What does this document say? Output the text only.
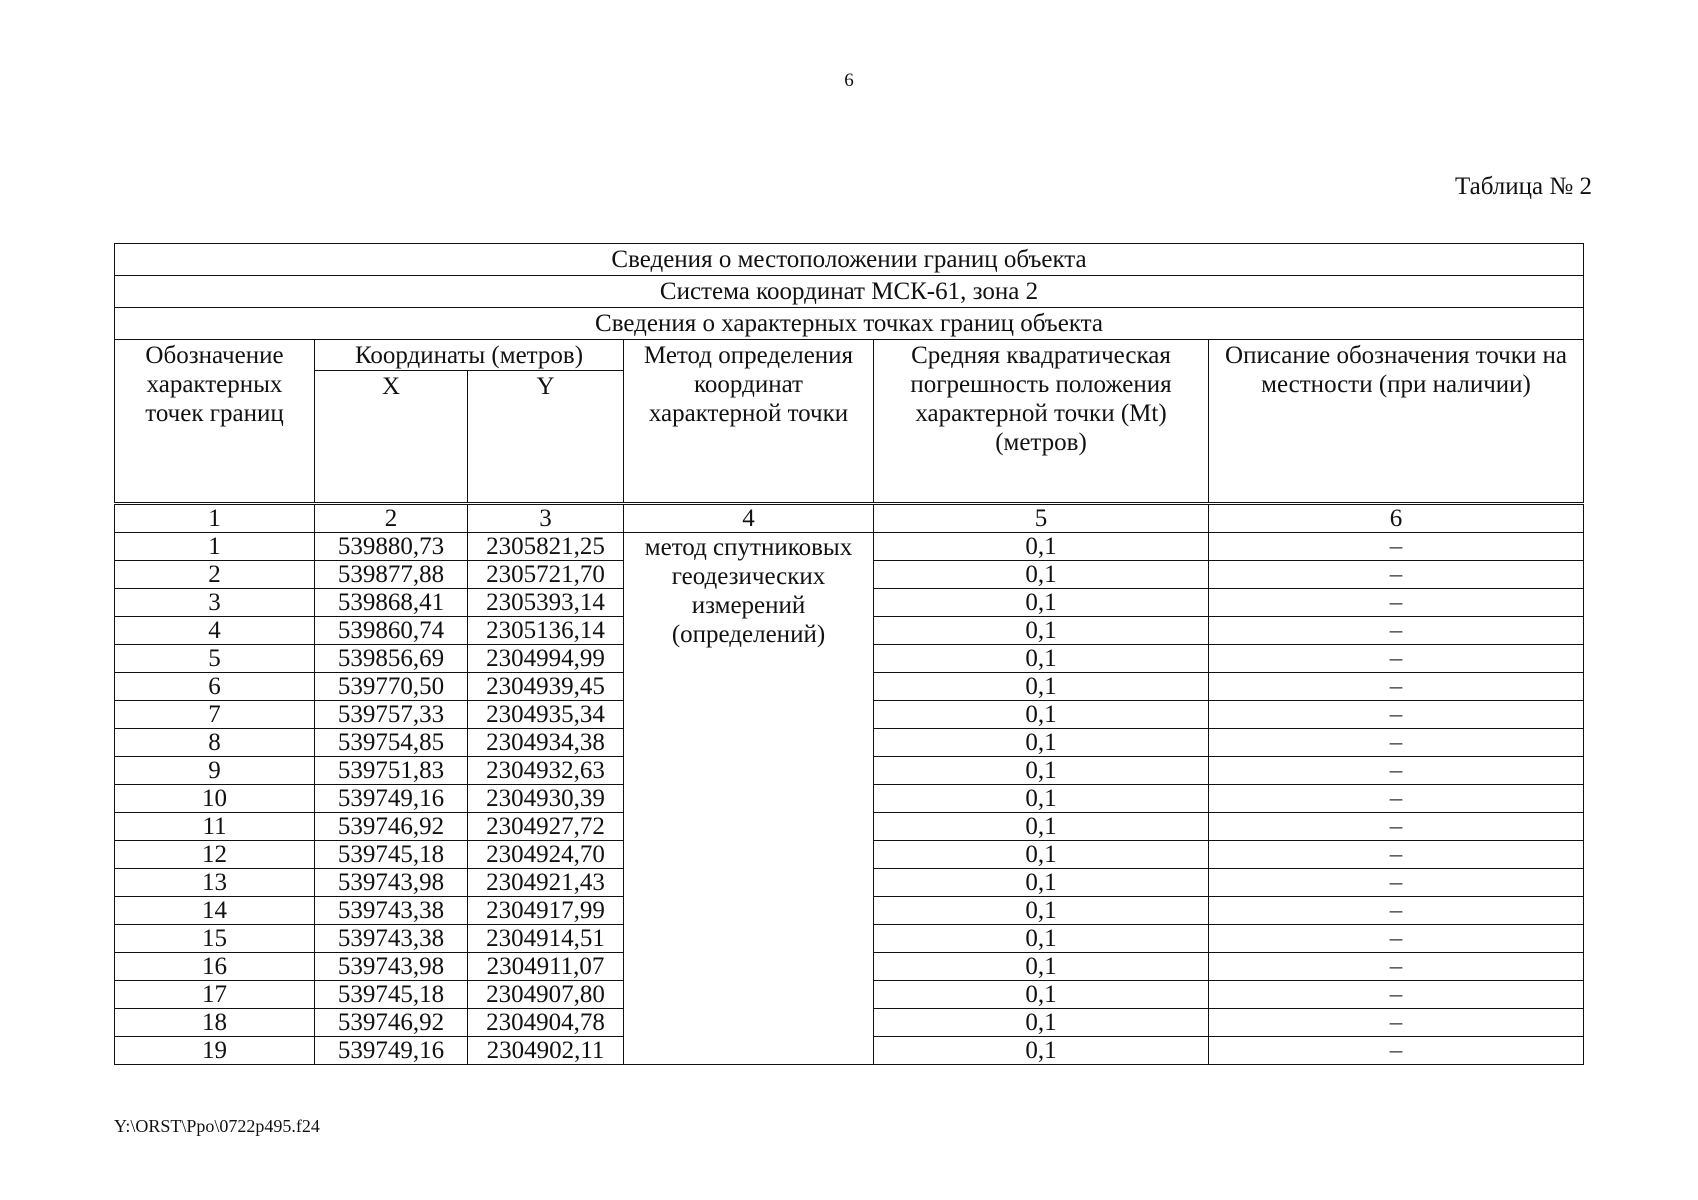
6
Таблица № 2
Сведения о местоположении границ объекта					
Система координат МСК-61, зона 2					
Сведения о характерных точках границ объекта					
Обозначение характерных точек границ	Координаты (метров)		Метод определения координат характерной точки	Средняя квадратическая погрешность положения характерной точки (Mt) (метров)	Описание обозначения точки на местности (при наличии)
	X	Y			
1	2	3	4	5	6
1	539880,73	2305821,25	метод спутниковых геодезических измерений (определений)	0,1	–
2	539877,88	2305721,70		0,1	–
3	539868,41	2305393,14		0,1	–
4	539860,74	2305136,14		0,1	–
5	539856,69	2304994,99		0,1	–
6	539770,50	2304939,45		0,1	–
7	539757,33	2304935,34		0,1	–
8	539754,85	2304934,38		0,1	–
9	539751,83	2304932,63		0,1	–
10	539749,16	2304930,39		0,1	–
11	539746,92	2304927,72		0,1	–
12	539745,18	2304924,70		0,1	–
13	539743,98	2304921,43		0,1	–
14	539743,38	2304917,99		0,1	–
15	539743,38	2304914,51		0,1	–
16	539743,98	2304911,07		0,1	–
17	539745,18	2304907,80		0,1	–
18	539746,92	2304904,78		0,1	–
19	539749,16	2304902,11		0,1	–
Y:\ORST\Ppo\0722p495.f24
